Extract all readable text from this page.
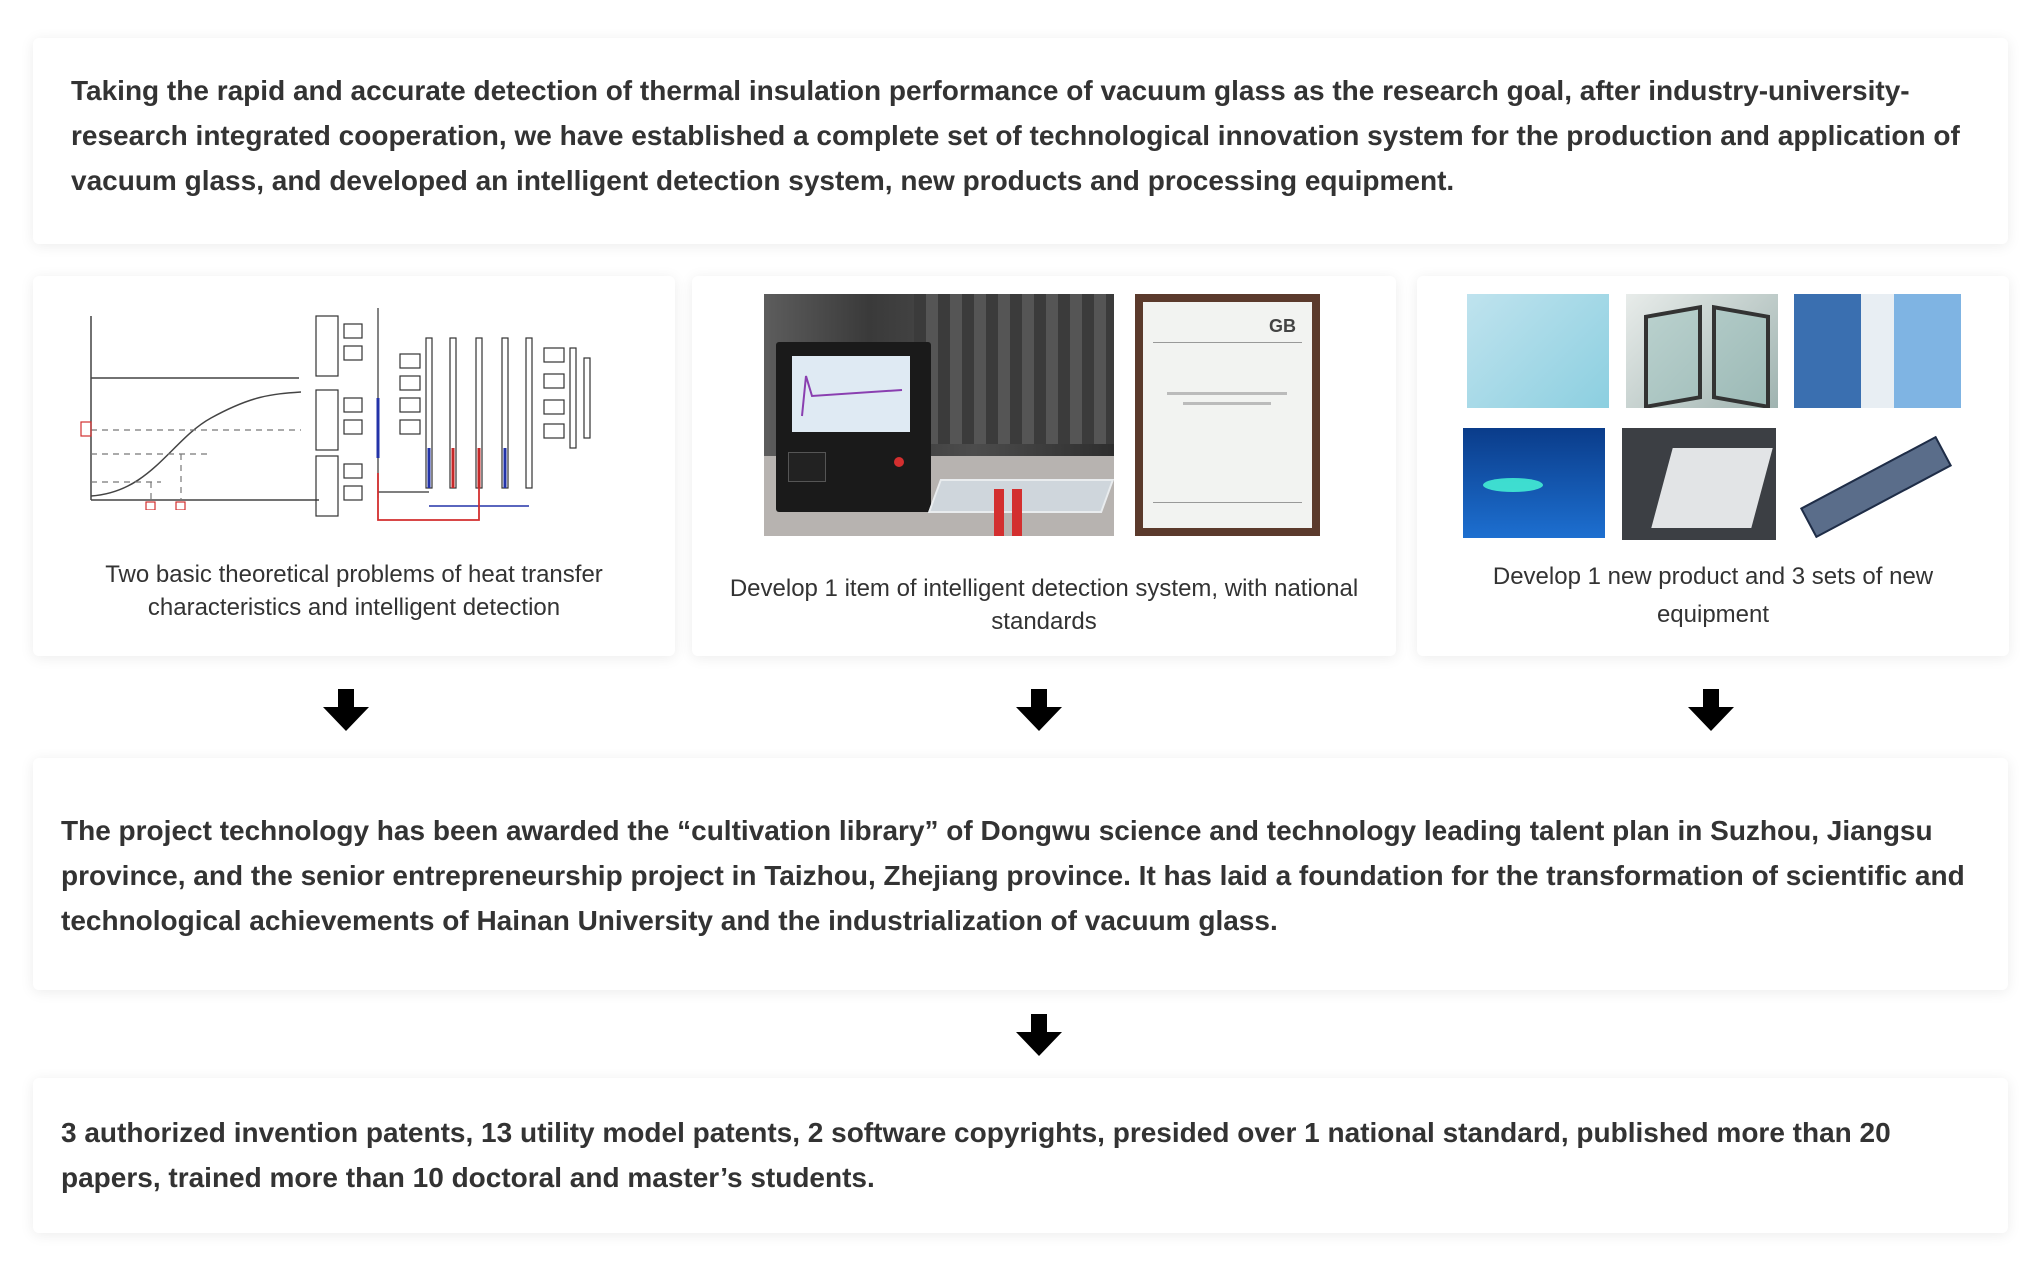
Taking the rapid and accurate detection of thermal insulation performance of vacuum glass as the research goal, after industry-university-research integrated cooperation, we have established a complete set of technological innovation system for the production and application of vacuum glass, and developed an intelligent detection system, new products and processing equipment.
Two basic theoretical problems of heat transfer characteristics and intelligent detection
GB
Develop 1 item of intelligent detection system, with national standards
Develop 1 new product and 3 sets of new equipment
The project technology has been awarded the “cultivation library” of Dongwu science and technology leading talent plan in Suzhou, Jiangsu province, and the senior entrepreneurship project in Taizhou, Zhejiang province. It has laid a foundation for the transformation of scientific and technological achievements of Hainan University and the industrialization of vacuum glass.
3 authorized invention patents, 13 utility model patents, 2 software copyrights, presided over 1 national standard, published more than 20 papers, trained more than 10 doctoral and master’s students.
